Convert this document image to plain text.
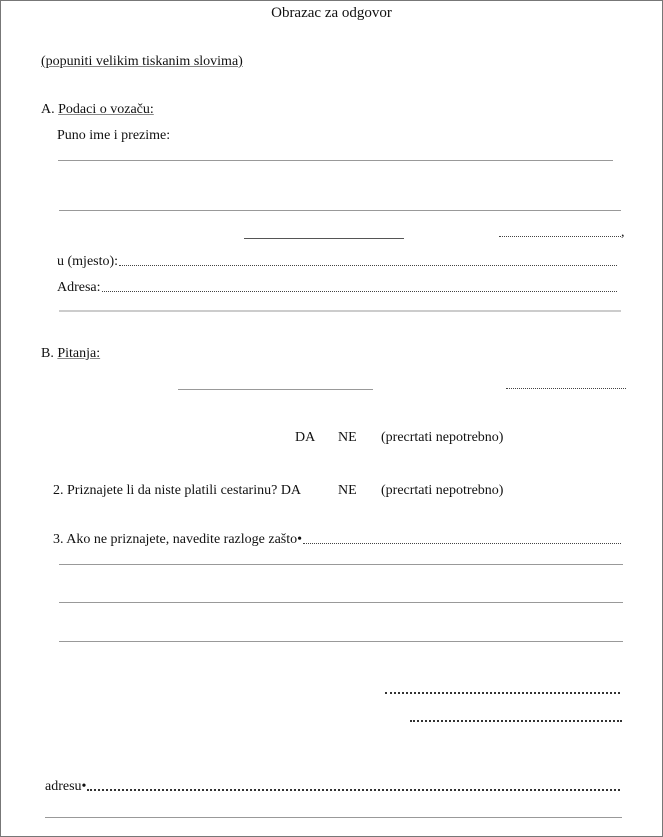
Obrazac za odgovor
(popuniti velikim tiskanim slovima)
A. Podaci o vozaču:
Puno ime i prezime:
,
u (mjesto):
Adresa:
B. Pitanja:
DA NE (precrtati nepotrebno)
2. Priznajete li da niste platili cestarinu? DA	NE (precrtati nepotrebno)
3. Ako ne priznajete, navedite razloge zašto•
adresu•
